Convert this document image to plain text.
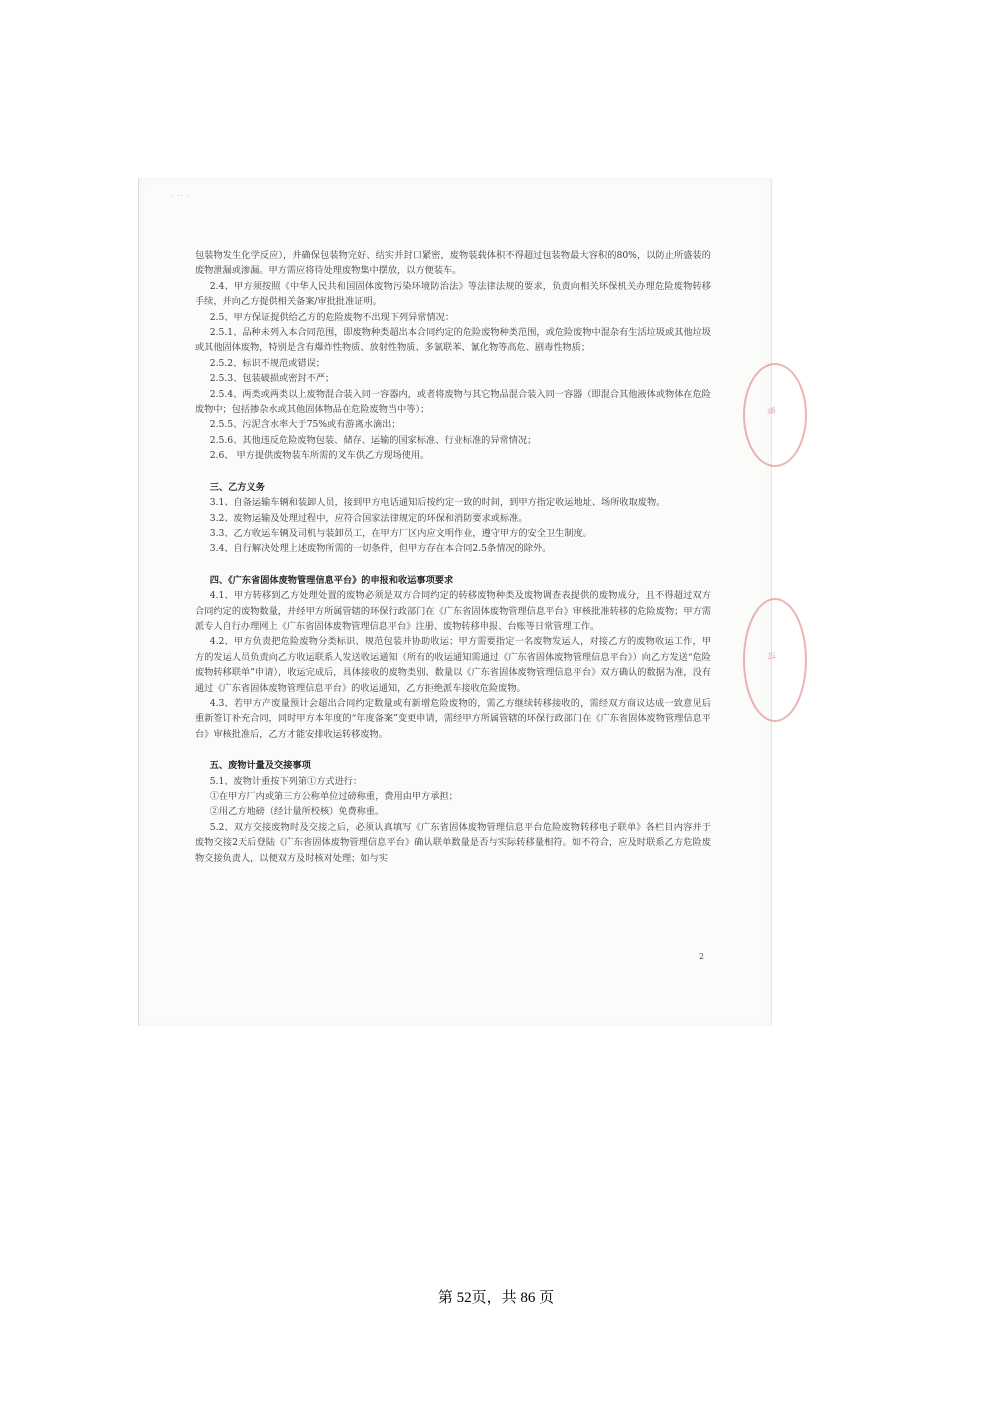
· ·· ·
签
司

包装物发生化学反应），并确保包装物完好、结实并封口紧密，废物装载体积不得超过包装物最大容积的80%，以防止所盛装的废物泄漏或渗漏。甲方需应将待处理废物集中摆放，以方便装车。

2.4、甲方须按照《中华人民共和国固体废物污染环境防治法》等法律法规的要求，负责向相关环保机关办理危险废物转移手续，并向乙方提供相关备案/审批批准证明。

2.5、甲方保证提供给乙方的危险废物不出现下列异常情况：

2.5.1、品种未列入本合同范围，即废物种类超出本合同约定的危险废物种类范围，或危险废物中混杂有生活垃圾或其他垃圾或其他固体废物，特别是含有爆炸性物质、放射性物质、多氯联苯、氰化物等高危、剧毒性物质；

2.5.2、标识不规范或错误；

2.5.3、包装破损或密封不严；

2.5.4、两类或两类以上废物混合装入同一容器内，或者将废物与其它物品混合装入同一容器（即混合其他液体或物体在危险废物中；包括掺杂水或其他固体物品在危险废物当中等）；

2.5.5、污泥含水率大于75%或有游离水滴出；

2.5.6、其他违反危险废物包装、储存、运输的国家标准、行业标准的异常情况；

2.6、 甲方提供废物装车所需的叉车供乙方现场使用。

三、乙方义务

3.1、自备运输车辆和装卸人员，接到甲方电话通知后按约定一致的时间，到甲方指定收运地址、场所收取废物。

3.2、废物运输及处理过程中，应符合国家法律规定的环保和消防要求或标准。

3.3、乙方收运车辆及司机与装卸员工，在甲方厂区内应文明作业，遵守甲方的安全卫生制度。

3.4、自行解决处理上述废物所需的一切条件，但甲方存在本合同2.5条情况的除外。

四、《广东省固体废物管理信息平台》的申报和收运事项要求

4.1、甲方转移到乙方处理处置的废物必须是双方合同约定的转移废物种类及废物调查表提供的废物成分，且不得超过双方合同约定的废物数量，并经甲方所属管辖的环保行政部门在《广东省固体废物管理信息平台》审核批准转移的危险废物；甲方需派专人自行办理网上《广东省固体废物管理信息平台》注册、废物转移申报、台账等日常管理工作。

4.2、甲方负责把危险废物分类标识、规范包装并协助收运；甲方需要指定一名废物发运人，对接乙方的废物收运工作，甲方的发运人员负责向乙方收运联系人发送收运通知（所有的收运通知需通过《广东省固体废物管理信息平台》）向乙方发送“危险废物转移联单”申请），收运完成后，具体接收的废物类别、数量以《广东省固体废物管理信息平台》双方确认的数据为准，没有通过《广东省固体废物管理信息平台》的收运通知，乙方拒绝派车接收危险废物。

4.3、若甲方产废量预计会超出合同约定数量或有新增危险废物的，需乙方继续转移接收的，需经双方商议达成一致意见后重新签订补充合同，同时甲方本年度的“年度备案”变更申请，需经甲方所属管辖的环保行政部门在《广东省固体废物管理信息平台》审核批准后，乙方才能安排收运转移废物。

五、废物计量及交接事项

5.1、废物计重按下列第①方式进行：

①在甲方厂内或第三方公称单位过磅称重，费用由甲方承担；

②用乙方地磅（经计量所校核）免费称重。

5.2、双方交接废物时及交接之后，必须认真填写《广东省固体废物管理信息平台危险废物转移电子联单》各栏目内容并于废物交接2天后登陆《广东省固体废物管理信息平台》确认联单数量是否与实际转移量相符。如不符合，应及时联系乙方危险废物交接负责人，以便双方及时核对处理；如与实

2
第 52页，共 86 页
